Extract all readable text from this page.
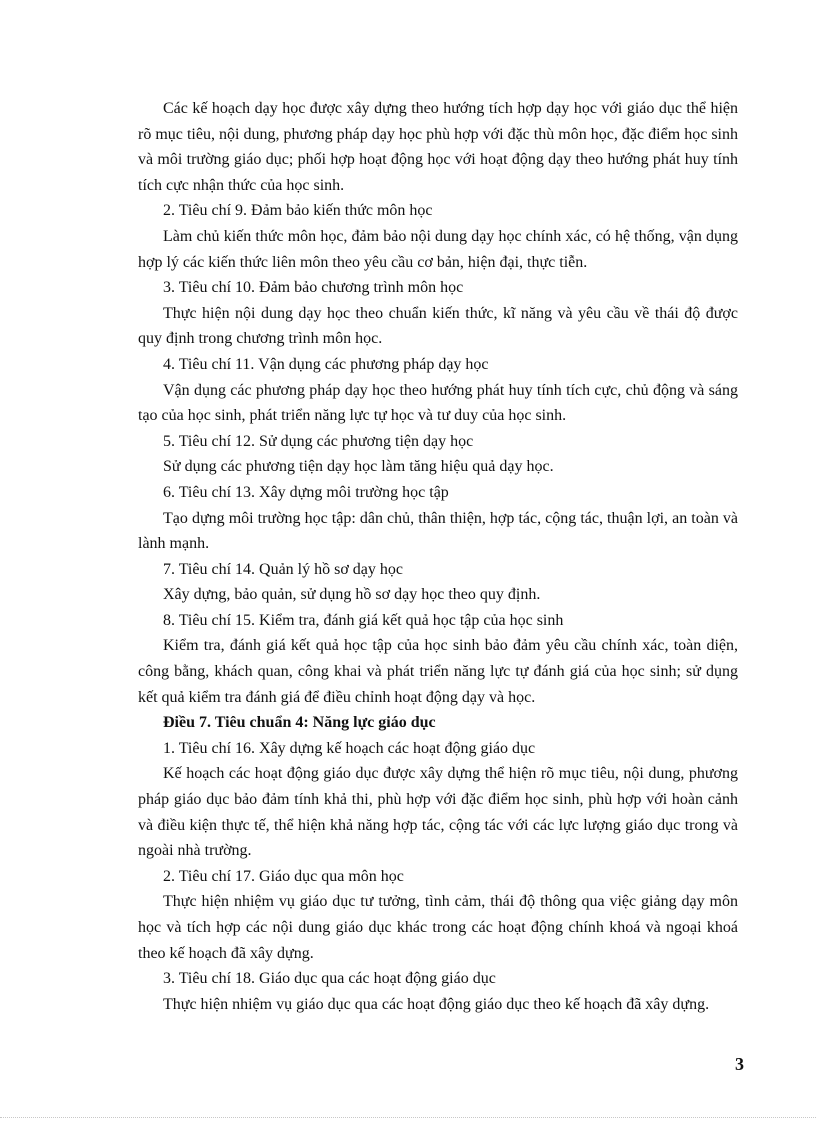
Các kế hoạch dạy học được xây dựng theo hướng tích hợp dạy học với giáo dục thể hiện rõ mục tiêu, nội dung, phương pháp dạy học phù hợp với đặc thù môn học, đặc điểm học sinh và môi trường giáo dục; phối hợp hoạt động học với hoạt động dạy theo hướng phát huy tính tích cực nhận thức của học sinh.

2. Tiêu chí 9. Đảm bảo kiến thức môn học

Làm chủ kiến thức môn học, đảm bảo nội dung dạy học chính xác, có hệ thống, vận dụng hợp lý các kiến thức liên môn theo yêu cầu cơ bản, hiện đại, thực tiễn.

3. Tiêu chí 10. Đảm bảo chương trình môn học

Thực hiện nội dung dạy học theo chuẩn kiến thức, kĩ năng và yêu cầu về thái độ được quy định trong chương trình môn học.

4. Tiêu chí 11. Vận dụng các phương pháp dạy học

Vận dụng các phương pháp dạy học theo hướng phát huy tính tích cực, chủ động và sáng tạo của học sinh, phát triển năng lực tự học và tư duy của học sinh.

5. Tiêu chí 12. Sử dụng các phương tiện dạy học

Sử dụng các phương tiện dạy học làm tăng hiệu quả dạy học.

6. Tiêu chí 13. Xây dựng môi trường học tập

Tạo dựng môi trường học tập: dân chủ, thân thiện, hợp tác, cộng tác, thuận lợi, an toàn và lành mạnh.

7. Tiêu chí 14. Quản lý hồ sơ dạy học

Xây dựng, bảo quản, sử dụng hồ sơ dạy học theo quy định.

8. Tiêu chí 15. Kiểm tra, đánh giá kết quả học tập của học sinh

Kiểm tra, đánh giá kết quả học tập của học sinh bảo đảm yêu cầu chính xác, toàn diện, công bằng, khách quan, công khai và phát triển năng lực tự đánh giá của học sinh; sử dụng kết quả kiểm tra đánh giá để điều chỉnh hoạt động dạy và học.

Điều 7. Tiêu chuẩn 4: Năng lực giáo dục

1. Tiêu chí 16. Xây dựng kế hoạch các hoạt động giáo dục

Kế hoạch các hoạt động giáo dục được xây dựng thể hiện rõ mục tiêu, nội dung, phương pháp giáo dục bảo đảm tính khả thi, phù hợp với đặc điểm học sinh, phù hợp với hoàn cảnh và điều kiện thực tế, thể hiện khả năng hợp tác, cộng tác với các lực lượng giáo dục trong và ngoài nhà trường.

2. Tiêu chí 17. Giáo dục qua môn học

Thực hiện nhiệm vụ giáo dục tư tưởng, tình cảm, thái độ thông qua việc giảng dạy môn học và tích hợp các nội dung giáo dục khác trong các hoạt động chính khoá và ngoại khoá theo kế hoạch đã xây dựng.

3. Tiêu chí 18. Giáo dục qua các hoạt động giáo dục

Thực hiện nhiệm vụ giáo dục qua các hoạt động giáo dục theo kế hoạch đã xây dựng.

3
